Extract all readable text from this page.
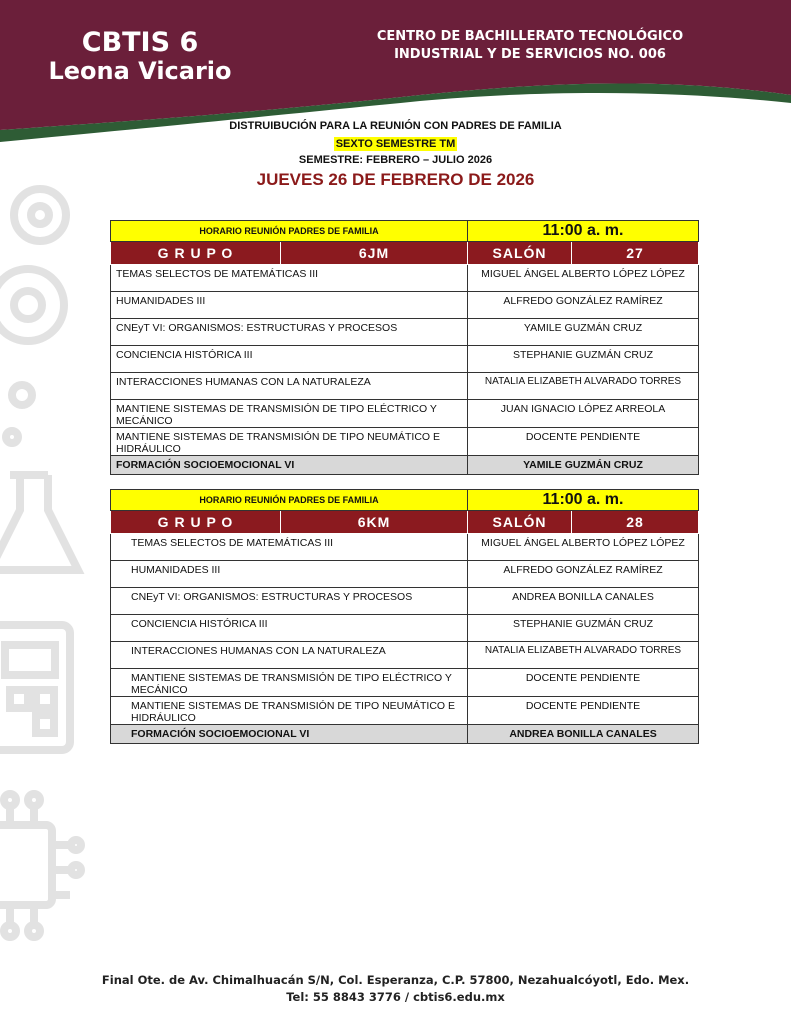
CBTIS 6
Leona Vicario
CENTRO DE BACHILLERATO TECNOLÓGICO
INDUSTRIAL Y DE SERVICIOS NO. 006
DISTRUIBUCIÓN PARA LA REUNIÓN CON PADRES DE FAMILIA
SEXTO SEMESTRE TM
SEMESTRE: FEBRERO – JULIO 2026
JUEVES 26 DE FEBRERO DE 2026
HORARIO REUNIÓN PADRES DE FAMILIA		11:00 a. m.	
G R U P O	6JM	SALÓN	27
TEMAS SELECTOS DE MATEMÁTICAS III		MIGUEL ÁNGEL ALBERTO LÓPEZ LÓPEZ	
HUMANIDADES III		ALFREDO GONZÁLEZ RAMÍREZ	
CNEyT VI: ORGANISMOS: ESTRUCTURAS Y PROCESOS		YAMILE GUZMÁN CRUZ	
CONCIENCIA HISTÓRICA III		STEPHANIE GUZMÁN CRUZ	
INTERACCIONES HUMANAS CON LA NATURALEZA		NATALIA ELIZABETH ALVARADO TORRES	
MANTIENE SISTEMAS DE TRANSMISIÓN DE TIPO ELÉCTRICO Y MECÁNICO		JUAN IGNACIO LÓPEZ ARREOLA	
MANTIENE SISTEMAS DE TRANSMISIÓN DE TIPO NEUMÁTICO E HIDRÁULICO		DOCENTE PENDIENTE	
FORMACIÓN SOCIOEMOCIONAL VI		YAMILE GUZMÁN CRUZ	
HORARIO REUNIÓN PADRES DE FAMILIA		11:00 a. m.	
G R U P O	6KM	SALÓN	28
TEMAS SELECTOS DE MATEMÁTICAS III		MIGUEL ÁNGEL ALBERTO LÓPEZ LÓPEZ	
HUMANIDADES III		ALFREDO GONZÁLEZ RAMÍREZ	
CNEyT VI: ORGANISMOS: ESTRUCTURAS Y PROCESOS		ANDREA BONILLA CANALES	
CONCIENCIA HISTÓRICA III		STEPHANIE GUZMÁN CRUZ	
INTERACCIONES HUMANAS CON LA NATURALEZA		NATALIA ELIZABETH ALVARADO TORRES	
MANTIENE SISTEMAS DE TRANSMISIÓN DE TIPO ELÉCTRICO Y MECÁNICO		DOCENTE PENDIENTE	
MANTIENE SISTEMAS DE TRANSMISIÓN DE TIPO NEUMÁTICO E HIDRÁULICO		DOCENTE PENDIENTE	
FORMACIÓN SOCIOEMOCIONAL VI		ANDREA BONILLA CANALES	
Final Ote. de Av. Chimalhuacán S/N, Col. Esperanza, C.P. 57800, Nezahualcóyotl, Edo. Mex.
Tel: 55 8843 3776 / cbtis6.edu.mx
